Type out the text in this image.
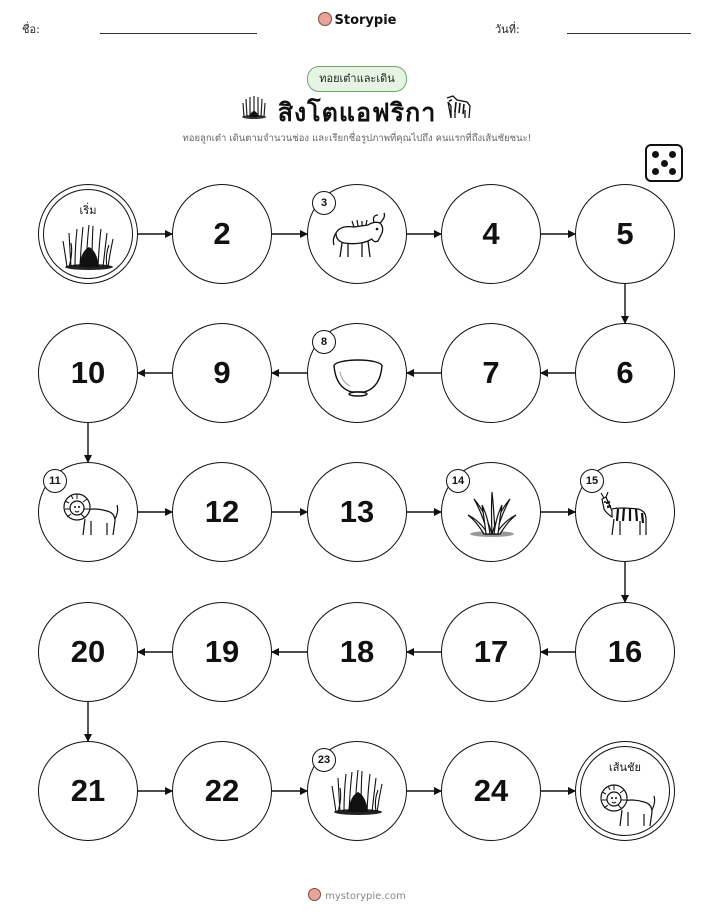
ชื่อ:
Storypie
วันที่:
ทอยเต๋าและเดิน
สิงโตแอฟริกา
ทอยลูกเต๋า เดินตามจำนวนช่อง และเรียกชื่อรูปภาพที่คุณไปถึง คนแรกที่ถึงเส้นชัยชนะ!
เริ่ม
2
3
4	5
6
7
8
9
10
11
12	13
14	15
16
17
18
19
20
21	22
23
24
เส้นชัย
mystorypie.com
